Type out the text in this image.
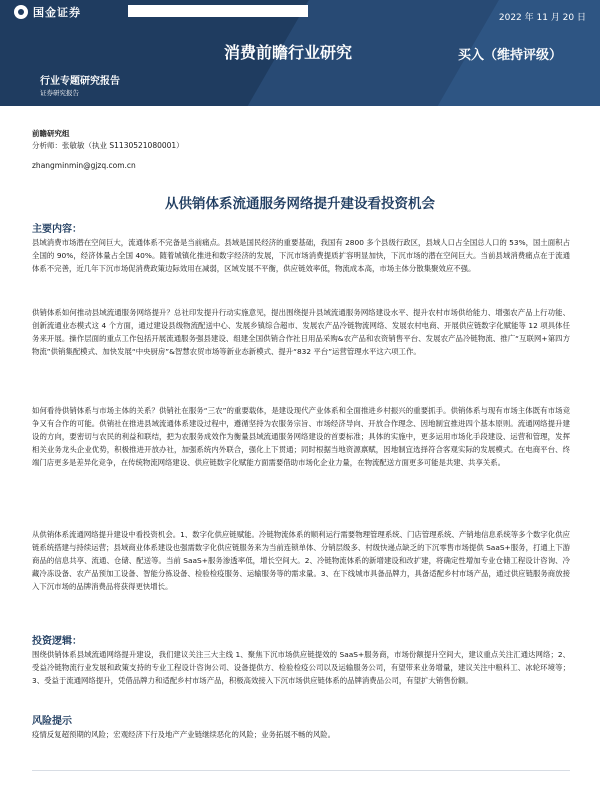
国金证券	2022 年 11 月 20 日
消费前瞻行业研究	买入（维持评级）
行业专题研究报告
证券研究报告
前瞻研究组
分析师：张敏敏（执业 S1130521080001）
zhangminmin@gjzq.com.cn
从供销体系流通服务网络提升建设看投资机会
主要内容：

县域消费市场潜在空间巨大，流通体系不完备是当前痛点。县域是国民经济的重要基础，我国有 2800 多个县级行政区，县域人口占全国总人口的 53%，国土面积占全国的 90%，经济体量占全国 40%。随着城镇化推进和数字经济的发展，下沉市场消费提质扩容明显加快，下沉市场的潜在空间巨大。当前县域消费痛点在于流通体系不完善，近几年下沉市场促消费政策边际效用在减弱，区域发展不平衡，供应链效率低，物流成本高，市场主体分散集聚效应不强。

供销体系如何推动县域流通服务网络提升？总社印发提升行动实施意见，提出围绕提升县域流通服务网络建设水平、提升农村市场供给能力、增强农产品上行功能、创新流通业态模式这 4 个方面，通过建设县级物流配送中心、发展乡镇综合超市、发展农产品冷链物流网络、发展农村电商、开展供应链数字化赋能等 12 项具体任务来开展。操作层面的重点工作包括开展流通服务强县建设、组建全国供销合作社日用品采购&农产品和农资销售平台、发展农产品冷链物流、推广“互联网+第四方物流”供销集配模式、加快发展“中央厨房”&智慧农贸市场等新业态新模式、提升“832 平台”运营管理水平这六项工作。

如何看待供销体系与市场主体的关系？供销社在服务“三农”的重要载体，是建设现代产业体系和全面推进乡村振兴的重要抓手。供销体系与现有市场主体既有市场竞争又有合作的可能。供销社在推进县域流通体系建设过程中，遵循坚持为农服务宗旨、市场经济导向、开放合作理念、因地制宜推进四个基本原则。流通网络提升建设的方向，要密切与农民的利益和联结，把为农服务成效作为衡量县域流通服务网络建设的首要标准；具体的实施中，更多运用市场化手段建设、运营和管理，发挥相关业务龙头企业优势，积极推进开放办社，加强系统内外联合，强化上下贯通；同时根据当地资源禀赋，因地制宜选择符合客观实际的发展模式。在电商平台、终端门店更多是差异化竞争，在传统物流网络建设、供应链数字化赋能方面需要借助市场化企业力量，在物流配送方面更多可能是共建、共享关系。

从供销体系流通网络提升建设中看投资机会。1、数字化供应链赋能。冷链物流体系的顺利运行需要物理管理系统、门店管理系统、产销地信息系统等多个数字化供应链系统搭建与持续运营；县域商业体系建设也强需数字化供应链服务来为当前连锁单体、分销层级多、村级快递点缺乏的下沉零售市场提供 SaaS+服务，打通上下游商品的信息共享、流通、仓储、配送等。当前 SaaS+服务渗透率低，增长空间大。2、冷链物流体系的新增建设和改扩建，将确定性增加专业仓储工程设计咨询、冷藏冷冻设备、农产品预加工设备、智能分拣设备、检验检疫服务、运输服务等的需求量。3、在下线城市具备品牌力，具备适配乡村市场产品，通过供应链服务商放接入下沉市场的品牌消费品将获得更快增长。

投资逻辑：

围绕供销体系县域流通网络提升建设，我们建议关注三大主线 1、聚焦下沉市场供应链提效的 SaaS+服务商，市场份额提升空间大，建议重点关注汇通达网络；2、受益冷链物流行业发展和政策支持的专业工程设计咨询公司、设备提供方、检验检疫公司以及运输服务公司，有望带来业务增量，建议关注中粮科工、冰轮环境等；3、受益于流通网络提升，凭借品牌力和适配乡村市场产品，积极高效接入下沉市场供应链体系的品牌消费品公司，有望扩大销售份额。

风险提示

疫情反复超预期的风险；宏观经济下行及地产产业链继续恶化的风险；业务拓展不畅的风险。
